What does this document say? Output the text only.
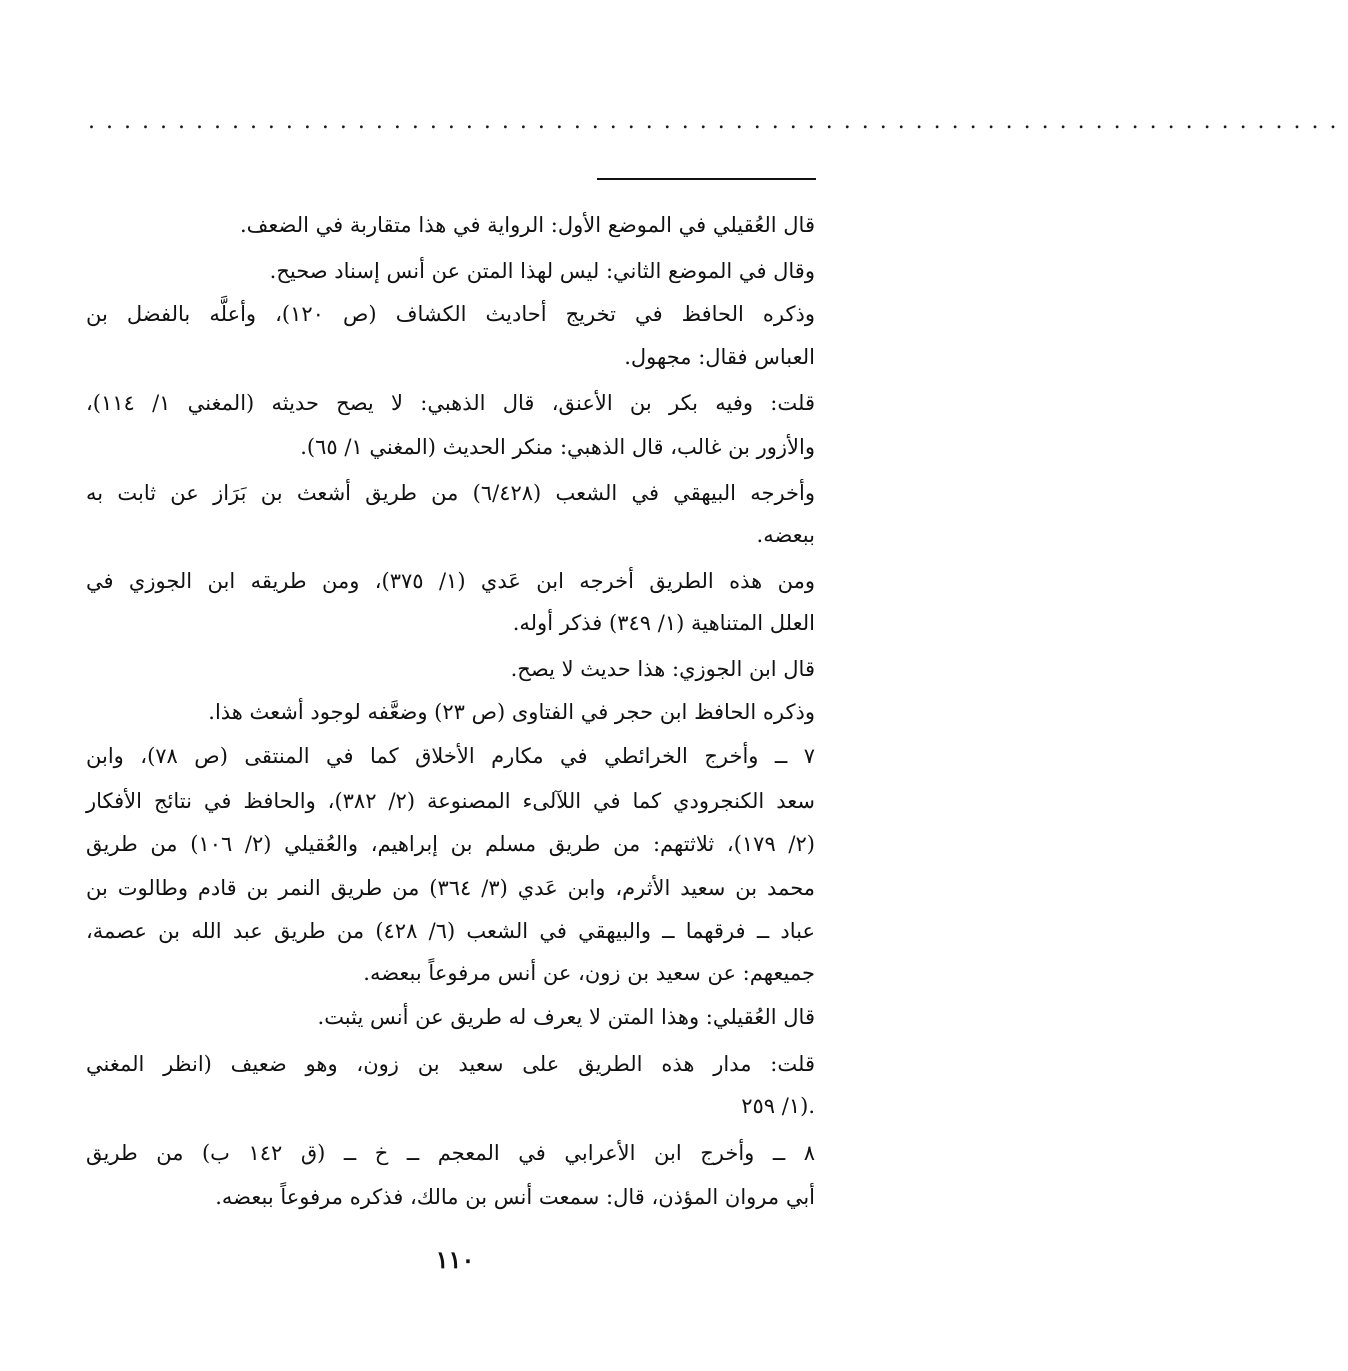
......................................................................
قال العُقيلي في الموضع الأول: الرواية في هذا متقاربة في الضعف.
وقال في الموضع الثاني: ليس لهذا المتن عن أنس إسناد صحيح.
وذكره الحافظ في تخريج أحاديث الكشاف (ص ١٢٠)، وأعلَّه بالفضل بن
العباس فقال: مجهول.
قلت: وفيه بكر بن الأعنق، قال الذهبي: لا يصح حديثه (المغني ١/ ١١٤)،
والأزور بن غالب، قال الذهبي: منكر الحديث (المغني ١/ ٦٥).
وأخرجه البيهقي في الشعب (٦/٤٢٨) من طريق أشعث بن بَرَاز عن ثابت به
ببعضه.
ومن هذه الطريق أخرجه ابن عَدي (١/ ٣٧٥)، ومن طريقه ابن الجوزي في
العلل المتناهية (١/ ٣٤٩) فذكر أوله.
قال ابن الجوزي: هذا حديث لا يصح.
وذكره الحافظ ابن حجر في الفتاوى (ص ٢٣) وضعَّفه لوجود أشعث هذا.
٧ ــ وأخرج الخرائطي في مكارم الأخلاق كما في المنتقى (ص ٧٨)، وابن
سعد الكنجرودي كما في اللآلىء المصنوعة (٢/ ٣٨٢)، والحافظ في نتائج الأفكار
(٢/ ١٧٩)، ثلاثتهم: من طريق مسلم بن إبراهيم، والعُقيلي (٢/ ١٠٦) من طريق
محمد بن سعيد الأثرم، وابن عَدي (٣/ ٣٦٤) من طريق النمر بن قادم وطالوت بن
عباد ــ فرقهما ــ والبيهقي في الشعب (٦/ ٤٢٨) من طريق عبد الله بن عصمة،
جميعهم: عن سعيد بن زون، عن أنس مرفوعاً ببعضه.
قال العُقيلي: وهذا المتن لا يعرف له طريق عن أنس يثبت.
قلت: مدار هذه الطريق على سعيد بن زون، وهو ضعيف (انظر المغني
١/ ٢٥٩).
٨ ــ وأخرج ابن الأعرابي في المعجم ــ خ ــ (ق ١٤٢ ب) من طريق
أبي مروان المؤذن، قال: سمعت أنس بن مالك، فذكره مرفوعاً ببعضه.
١١٠
